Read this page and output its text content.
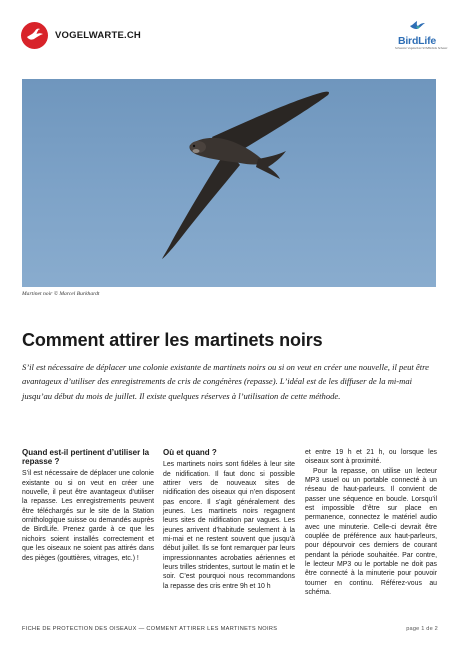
VOGELWARTE.CH	BirdLife
Schweizer Vogelschutz SVS/BirdLife Schweiz
Martinet noir © Marcel Burkhardt
Comment attirer les martinets noirs

S’il est nécessaire de déplacer une colonie existante de martinets noirs ou si on veut en créer une nouvelle, il peut être avantageux d’utiliser des enregistrements de cris de congénères (repasse). L’idéal est de les diffuser de la mi-mai jusqu’au début du mois de juillet. Il existe quelques réserves à l’utilisation de cette méthode.

Quand est-il pertinent d’utiliser la repasse ?

S’il est nécessaire de déplacer une colonie existante ou si on veut en créer une nouvelle, il peut être avantageux d’utiliser la repasse. Les enregistrements peuvent être téléchargés sur le site de la Station ornithologique suisse ou demandés auprès de BirdLife. Prenez garde à ce que les nichoirs soient installés correctement et que les oiseaux ne soient pas attirés dans des pièges (gouttières, vitrages, etc.) !

Où et quand ?

Les martinets noirs sont fidèles à leur site de nidification. Il faut donc si possible attirer vers de nouveaux sites de nidification des oiseaux qui n’en disposent pas encore. Il s’agit généralement des jeunes. Les martinets noirs regagnent leurs sites de nidification par vagues. Les jeunes arrivent d’habitude seulement à la mi-mai et ne restent souvent que jusqu’à début juillet. Ils se font remarquer par leurs impressionnantes acrobaties aériennes et leurs trilles stridentes, surtout le matin et le soir. C’est pourquoi nous recommandons la repasse des cris entre 9h et 10 h

et entre 19 h et 21 h, ou lorsque les oiseaux sont à proximité.

Pour la repasse, on utilise un lecteur MP3 usuel ou un portable connecté à un réseau de haut-parleurs. Il convient de passer une séquence en boucle. Lorsqu’il est impossible d’être sur place en permanence, connectez le matériel audio avec une minuterie. Celle-ci devrait être couplée de préférence aux haut-parleurs, pour dépourvoir ces derniers de courant pendant la période souhaitée. Par contre, le lecteur MP3 ou le portable ne doit pas être connecté à la minuterie pour pouvoir tourner en continu. Référez-vous au schéma.

FICHE DE PROTECTION DES OISEAUX — COMMENT ATTIRER LES MARTINETS NOIRS	page 1 de 2
